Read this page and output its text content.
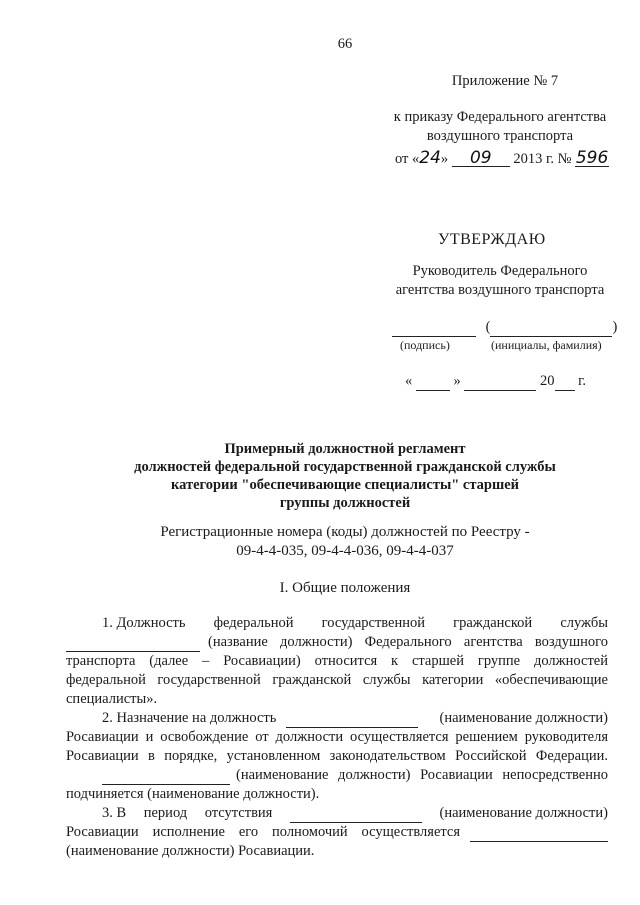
66
Приложение № 7
к приказу Федерального агентства
воздушного транспорта
от «24» 09 2013 г. № 596
УТВЕРЖДАЮ
Руководитель Федерального
агентства воздушного транспорта
(	)
(подпись)	(инициалы, фамилия)
«	»	20 г.
Примерный должностной регламент
должностей федеральной государственной гражданской службы
категории "обеспечивающие специалисты" старшей
группы должностей
Регистрационные номера (коды) должностей по Реестру -
09-4-4-035, 09-4-4-036, 09-4-4-037
I. Общие положения
1. Должность федеральной государственной гражданской службы
(название должности) Федерального агентства воздушного
транспорта (далее – Росавиации) относится к старшей группе должностей
федеральной государственной гражданской службы категории «обеспечивающие
специалисты».
2. Назначение на должность	(наименование должности)
Росавиации и освобождение от должности осуществляется решением руководителя
Росавиации в порядке, установленном законодательством Российской Федерации.
(наименование должности) Росавиации непосредственно
подчиняется (наименование должности).
3. В период отсутствия	(наименование должности)
Росавиации исполнение его полномочий осуществляется
(наименование должности) Росавиации.
